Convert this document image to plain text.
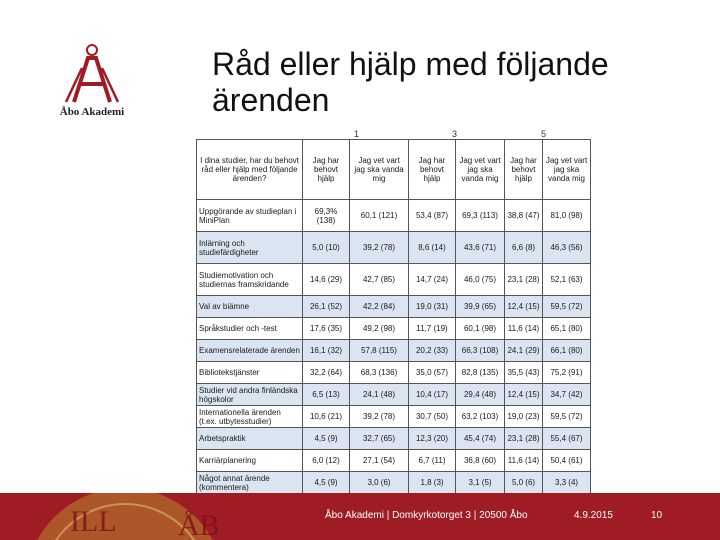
Åbo Akademi
Råd eller hjälp med följande ärenden
1	3	5
I dina studier, har du behovt råd eller hjälp med följande ärenden?	Jag har behovt hjälp	Jag vet vart jag ska vanda mig	Jag har behovt hjälp	Jag vet vart jag ska vanda mig	Jag har behovt hjälp	Jag vet vart jag ska vanda mig
Uppgörande av studieplan i MiniPlan	69,3% (138)	60,1 (121)	53,4 (87)	69,3 (113)	38,8 (47)	81,0 (98)
Inlärning och studiefärdigheter	5,0 (10)	39,2 (78)	8,6 (14)	43,6 (71)	6,6 (8)	46,3 (56)
Studiemotivation och studiernas framskridande	14,6 (29)	42,7 (85)	14,7 (24)	46,0 (75)	23,1 (28)	52,1 (63)
Val av biämne	26,1 (52)	42,2 (84)	19,0 (31)	39,9 (65)	12,4 (15)	59,5 (72)
Språkstudier och -test	17,6 (35)	49,2 (98)	11,7 (19)	60,1 (98)	11,6 (14)	65,1 (80)
Examensrelaterade ärenden	16,1 (32)	57,8 (115)	20,2 (33)	66,3 (108)	24,1 (29)	66,1 (80)
Bibliotekstjänster	32,2 (64)	68,3 (136)	35,0 (57)	82,8 (135)	35,5 (43)	75,2 (91)
Studier vid andra finländska högskolor	6,5 (13)	24,1 (48)	10,4 (17)	29,4 (48)	12,4 (15)	34,7 (42)
Internationella ärenden (t.ex. utbytesstudier)	10,6 (21)	39,2 (78)	30,7 (50)	63,2 (103)	19,0 (23)	59,5 (72)
Arbetspraktik	4,5 (9)	32,7 (65)	12,3 (20)	45,4 (74)	23,1 (28)	55,4 (67)
Karriärplanering	6,0 (12)	27,1 (54)	6,7 (11)	36,8 (60)	11,6 (14)	50,4 (61)
Något annat ärende (kommentera)	4,5 (9)	3,0 (6)	1,8 (3)	3,1 (5)	5,0 (6)	3,3 (4)
ILL ÅB	Åbo Akademi | Domkyrkotorget 3 | 20500 Åbo	4.9.2015	10
